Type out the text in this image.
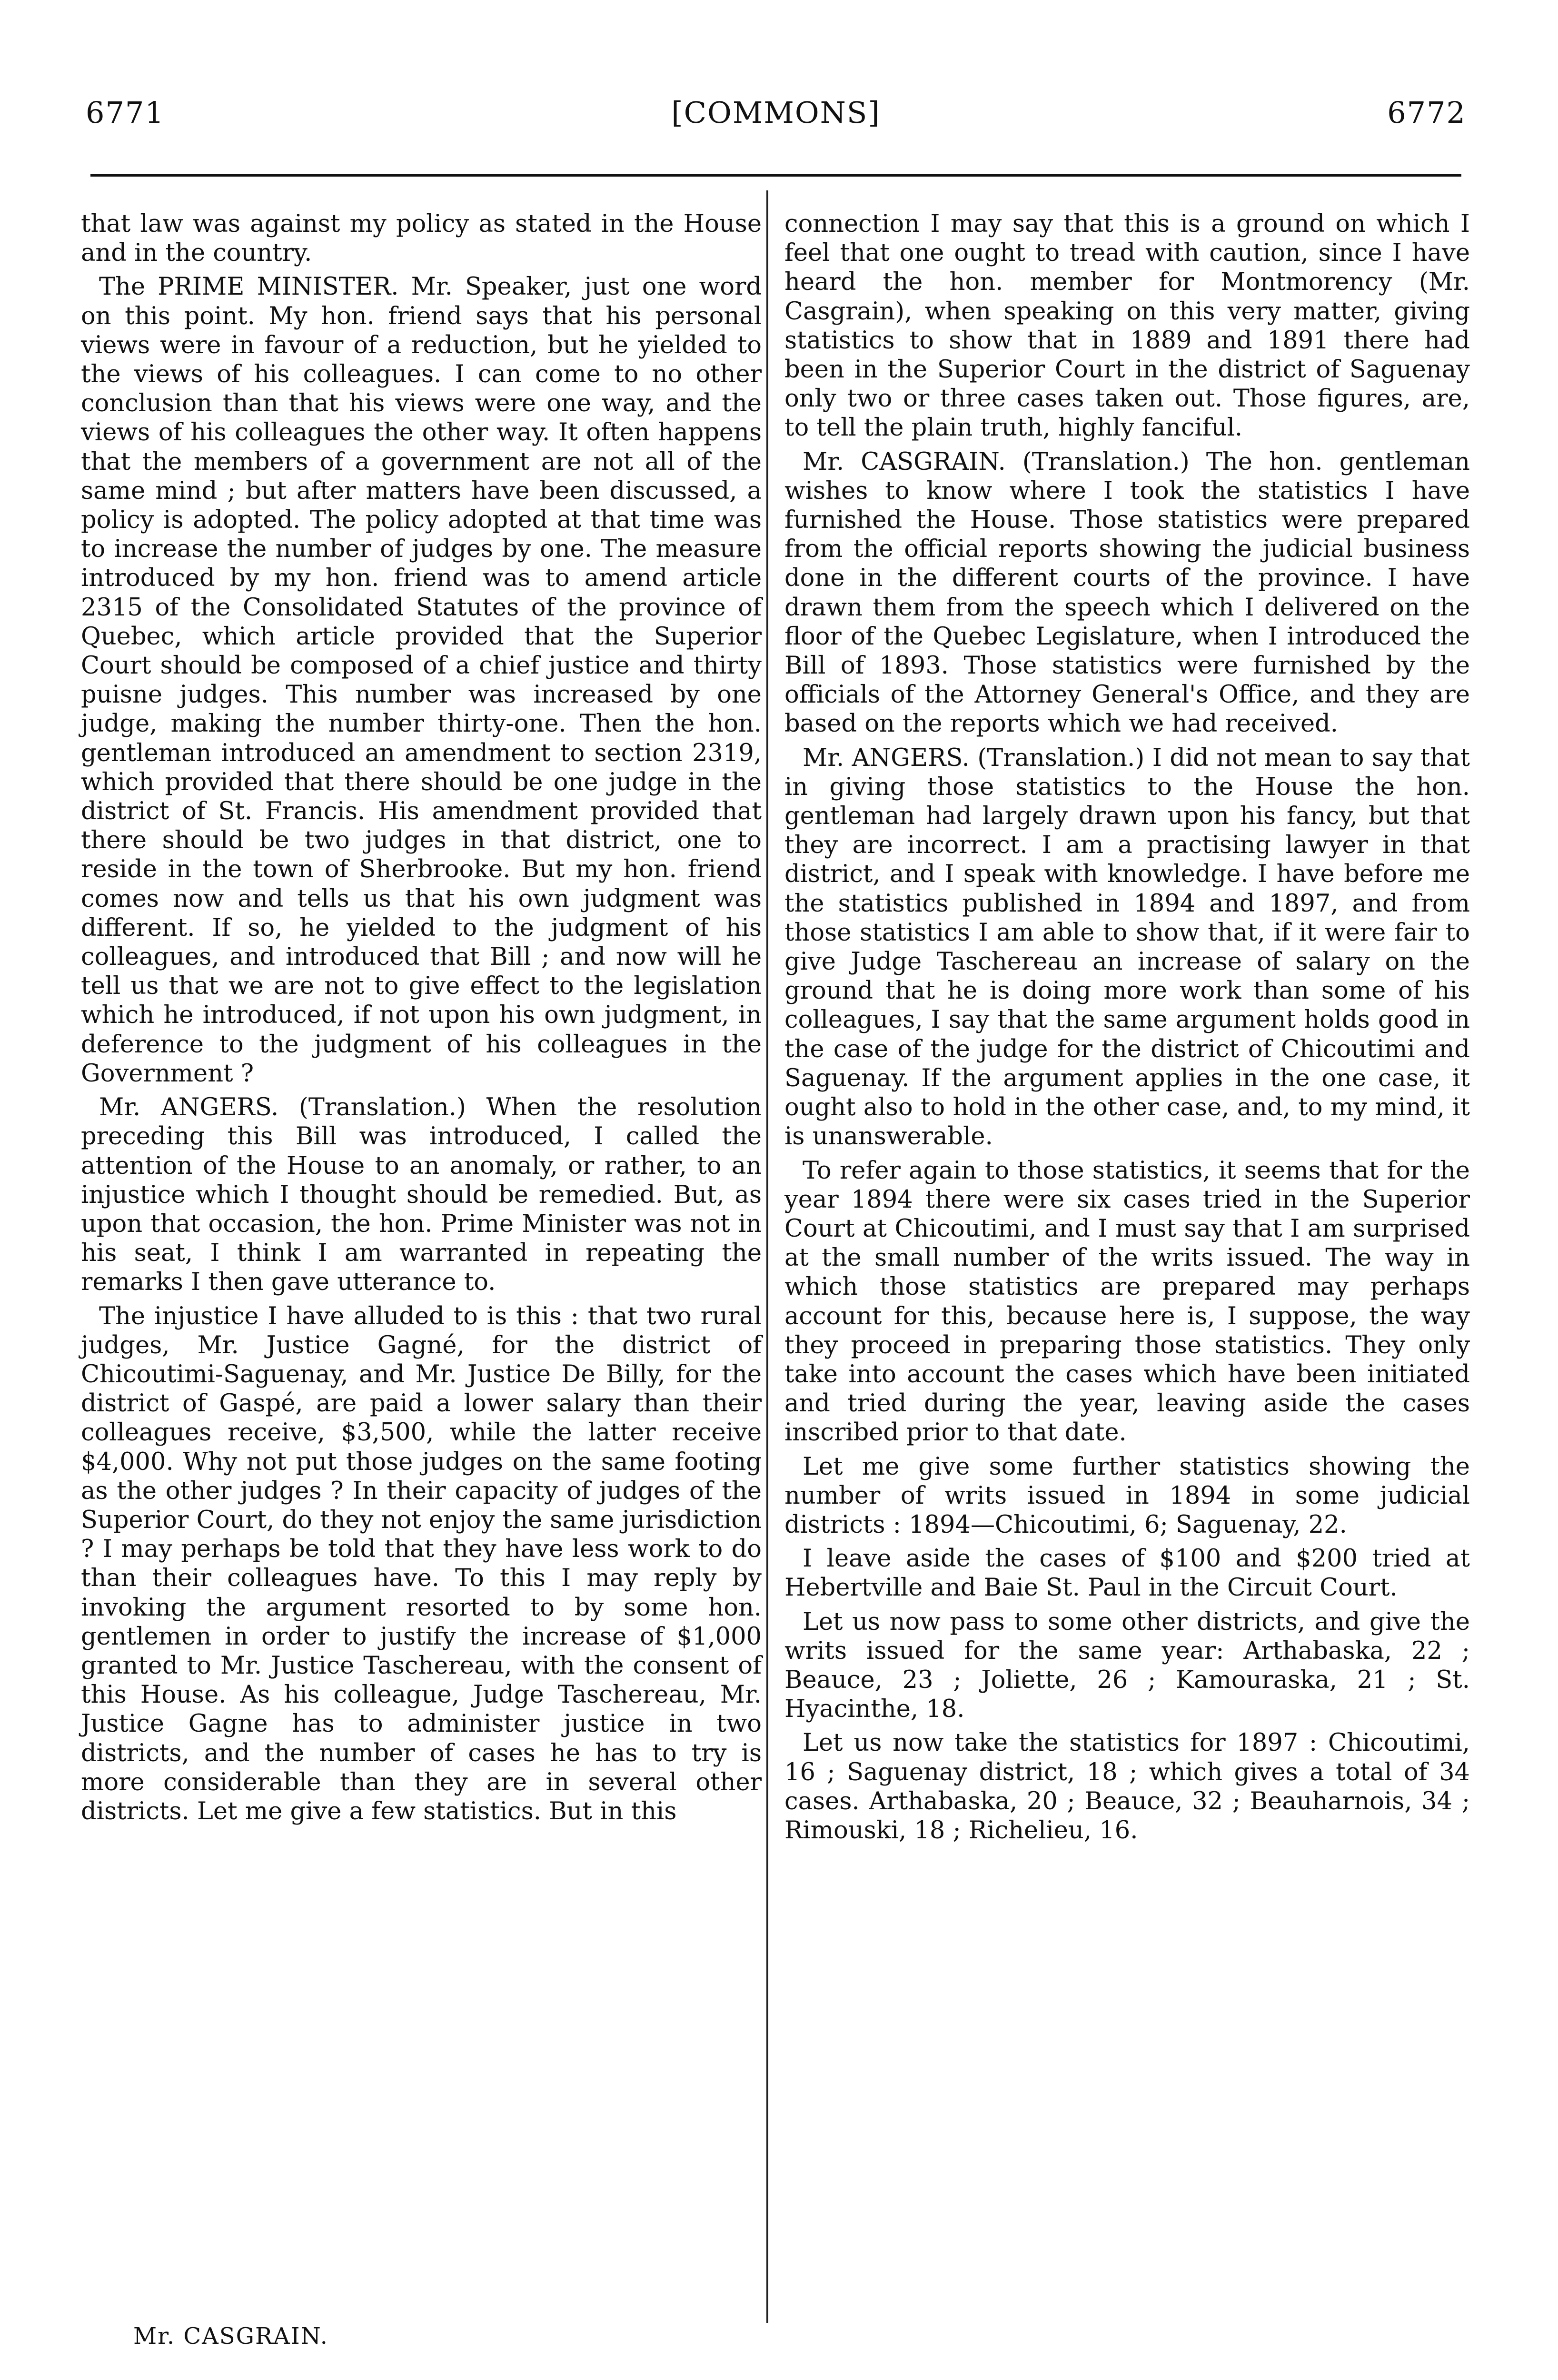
6771	[COMMONS]	6772

that law was against my policy as stated in the House and in the country.

The PRIME MINISTER. Mr. Speaker, just one word on this point. My hon. friend says that his personal views were in favour of a reduction, but he yielded to the views of his colleagues. I can come to no other conclusion than that his views were one way, and the views of his colleagues the other way. It often happens that the members of a government are not all of the same mind ; but after matters have been discussed, a policy is adopted. The policy adopted at that time was to increase the number of judges by one. The measure introduced by my hon. friend was to amend article 2315 of the Consolidated Statutes of the province of Quebec, which article provided that the Superior Court should be composed of a chief justice and thirty puisne judges. This number was increased by one judge, making the number thirty-one. Then the hon. gentleman introduced an amendment to section 2319, which provided that there should be one judge in the district of St. Francis. His amendment provided that there should be two judges in that district, one to reside in the town of Sherbrooke. But my hon. friend comes now and tells us that his own judgment was different. If so, he yielded to the judgment of his colleagues, and introduced that Bill ; and now will he tell us that we are not to give effect to the legislation which he introduced, if not upon his own judgment, in deference to the judgment of his colleagues in the Government ?

Mr. ANGERS. (Translation.) When the resolution preceding this Bill was introduced, I called the attention of the House to an anomaly, or rather, to an injustice which I thought should be remedied. But, as upon that occasion, the hon. Prime Minister was not in his seat, I think I am warranted in repeating the remarks I then gave utterance to.

The injustice I have alluded to is this : that two rural judges, Mr. Justice Gagné, for the district of Chicoutimi-Saguenay, and Mr. Justice De Billy, for the district of Gaspé, are paid a lower salary than their colleagues receive, $3,500, while the latter receive $4,000. Why not put those judges on the same footing as the other judges ? In their capacity of judges of the Superior Court, do they not enjoy the same jurisdiction ? I may perhaps be told that they have less work to do than their colleagues have. To this I may reply by invoking the argument resorted to by some hon. gentlemen in order to justify the increase of $1,000 granted to Mr. Justice Taschereau, with the consent of this House. As his colleague, Judge Taschereau, Mr. Justice Gagne has to administer justice in two districts, and the number of cases he has to try is more considerable than they are in several other districts. Let me give a few statistics. But in this

connection I may say that this is a ground on which I feel that one ought to tread with caution, since I have heard the hon. member for Montmorency (Mr. Casgrain), when speaking on this very matter, giving statistics to show that in 1889 and 1891 there had been in the Superior Court in the district of Saguenay only two or three cases taken out. Those figures, are, to tell the plain truth, highly fanciful.

Mr. CASGRAIN. (Translation.) The hon. gentleman wishes to know where I took the statistics I have furnished the House. Those statistics were prepared from the official reports showing the judicial business done in the different courts of the province. I have drawn them from the speech which I delivered on the floor of the Quebec Legislature, when I introduced the Bill of 1893. Those statistics were furnished by the officials of the Attorney General's Office, and they are based on the reports which we had received.

Mr. ANGERS. (Translation.) I did not mean to say that in giving those statistics to the House the hon. gentleman had largely drawn upon his fancy, but that they are incorrect. I am a practising lawyer in that district, and I speak with knowledge. I have before me the statistics published in 1894 and 1897, and from those statistics I am able to show that, if it were fair to give Judge Taschereau an increase of salary on the ground that he is doing more work than some of his colleagues, I say that the same argument holds good in the case of the judge for the district of Chicoutimi and Saguenay. If the argument applies in the one case, it ought also to hold in the other case, and, to my mind, it is unanswerable.

To refer again to those statistics, it seems that for the year 1894 there were six cases tried in the Superior Court at Chicoutimi, and I must say that I am surprised at the small number of the writs issued. The way in which those statistics are prepared may perhaps account for this, because here is, I suppose, the way they proceed in preparing those statistics. They only take into account the cases which have been initiated and tried during the year, leaving aside the cases inscribed prior to that date.

Let me give some further statistics showing the number of writs issued in 1894 in some judicial districts : 1894—Chicoutimi, 6; Saguenay, 22.

I leave aside the cases of $100 and $200 tried at Hebertville and Baie St. Paul in the Circuit Court.

Let us now pass to some other districts, and give the writs issued for the same year: Arthabaska, 22 ; Beauce, 23 ; Joliette, 26 ; Kamouraska, 21 ; St. Hyacinthe, 18.

Let us now take the statistics for 1897 : Chicoutimi, 16 ; Saguenay district, 18 ; which gives a total of 34 cases. Arthabaska, 20 ; Beauce, 32 ; Beauharnois, 34 ; Rimouski, 18 ; Richelieu, 16.

Mr. CASGRAIN.
